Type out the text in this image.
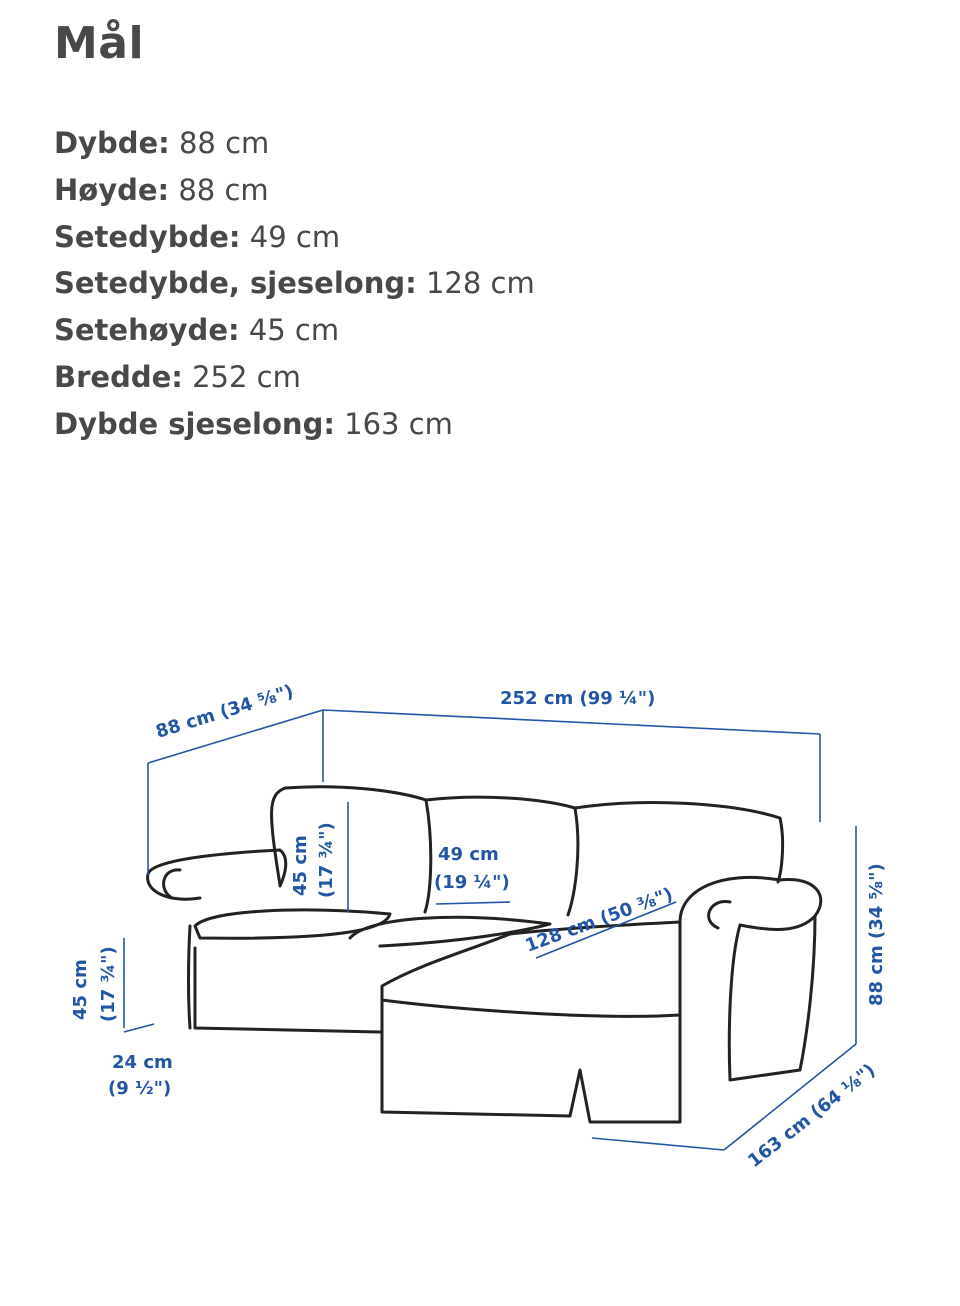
Mål
Dybde: 88 cm
Høyde: 88 cm
Setedybde: 49 cm
Setedybde, sjeselong: 128 cm
Setehøyde: 45 cm
Bredde: 252 cm
Dybde sjeselong: 163 cm
88 cm (34 ⅝")	252 cm (99 ¼")
88 cm (34 ⅝")
45 cm (17 ¾")	49 cm
(19 ¼")
128 cm (50 ⅜")
45 cm (17 ¾")
24 cm
(9 ½")	163 cm (64 ⅛")
